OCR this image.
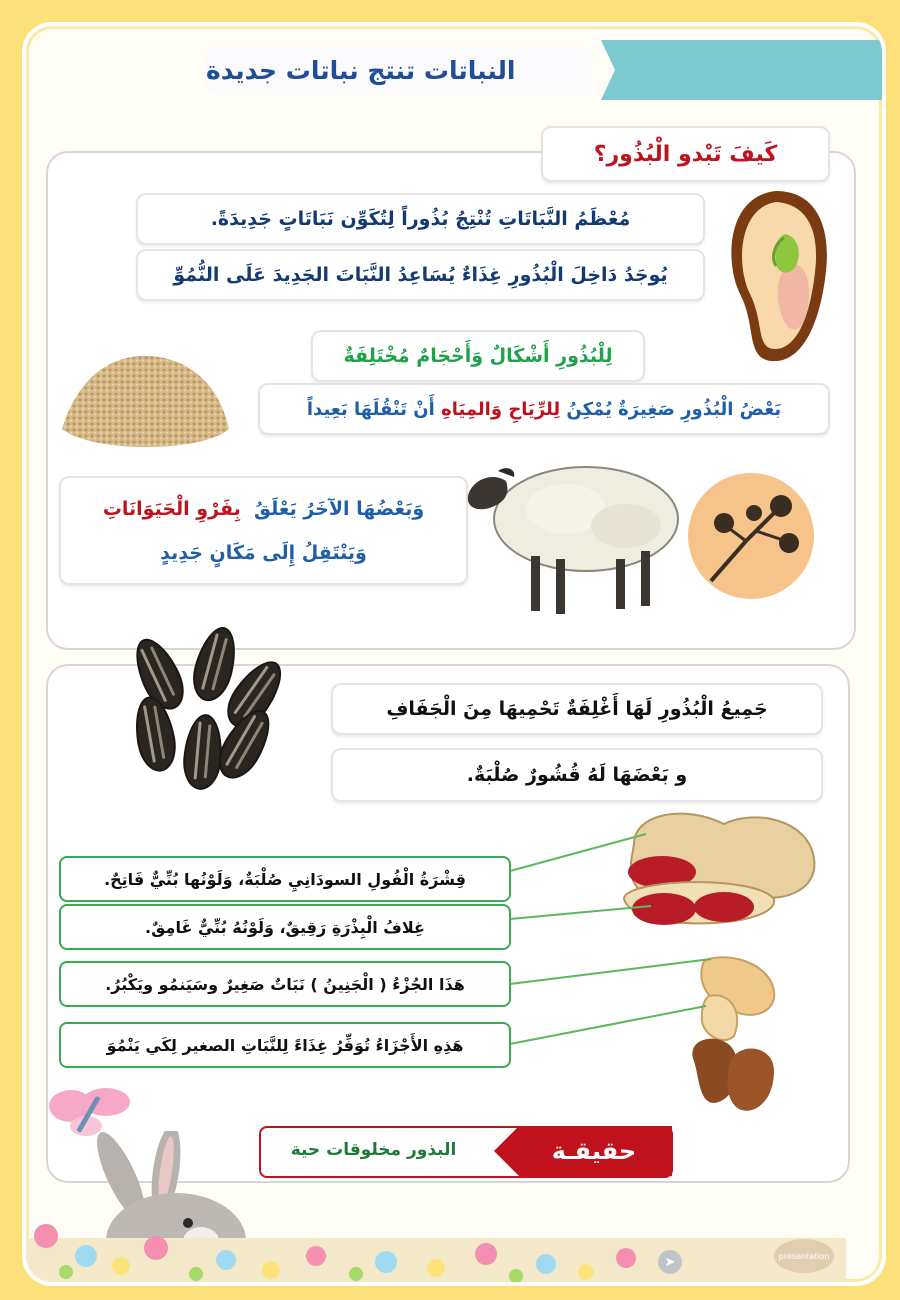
النباتات تنتج نباتات جديدة
كَيفَ تَبْدو الْبُذُور؟
مُعْظَمُ النَّبَاتَاتِ تُنْتِجُ بُذُوراً لِتُكَوِّن نَبَاتَاتٍ جَدِيدَةً.
يُوجَدُ دَاخِلَ الْبُذُورِ غِذَاءٌ يُسَاعِدُ النَّبَاتَ الجَدِيدَ عَلَى النُّمُوِّ
لِلْبُذُورِ أَشْكَالٌ وَأَحْجَامٌ مُخْتَلِفَةٌ
بَعْضُ الْبُذُورِ صَغِيرَةٌ يُمْكِنُ

لِلرِّيَاحِ

وَالمِيَاهِ

أَنْ تَنْقُلَهَا بَعِيداً
وَبَعْضُهَا الآخَرُ يَعْلَقُ  بِفَرْوِ الْحَيَوَانَاتِ
وَيَنْتَقِلُ إِلَى مَكَانٍ جَدِيدٍ
جَمِيعُ الْبُذُورِ لَهَا أَغْلِفَةٌ تَحْمِيهَا مِنَ الْجَفَافِ
و بَعْضَهَا لَهُ قُشُورٌ صُلْبَةٌ.
قِشْرَةُ الْفُولِ السودَانِيِ صُلْبَةٌ، وَلَوْنُها بُنِّيٌّ فَاتِحٌ.
غِلافُ الْبِذْرَةِ رَقِيقٌ، وَلَوْنُهُ بُنِّيٌّ غَامِقٌ.
هَذَا الجُزْءُ ( الْجَنِينُ ) نَبَاتٌ صَغِيرٌ وسَيَنمُو ويَكْبُرُ.
هَذِهِ الأَجْزَاءُ تُوَفِّرُ غِذَاءً لِلنَّبَاتِ الصغير لِكَي يَنْمُوَ
البذور مخلوقات حية	حقيقـة
➤	presentation
